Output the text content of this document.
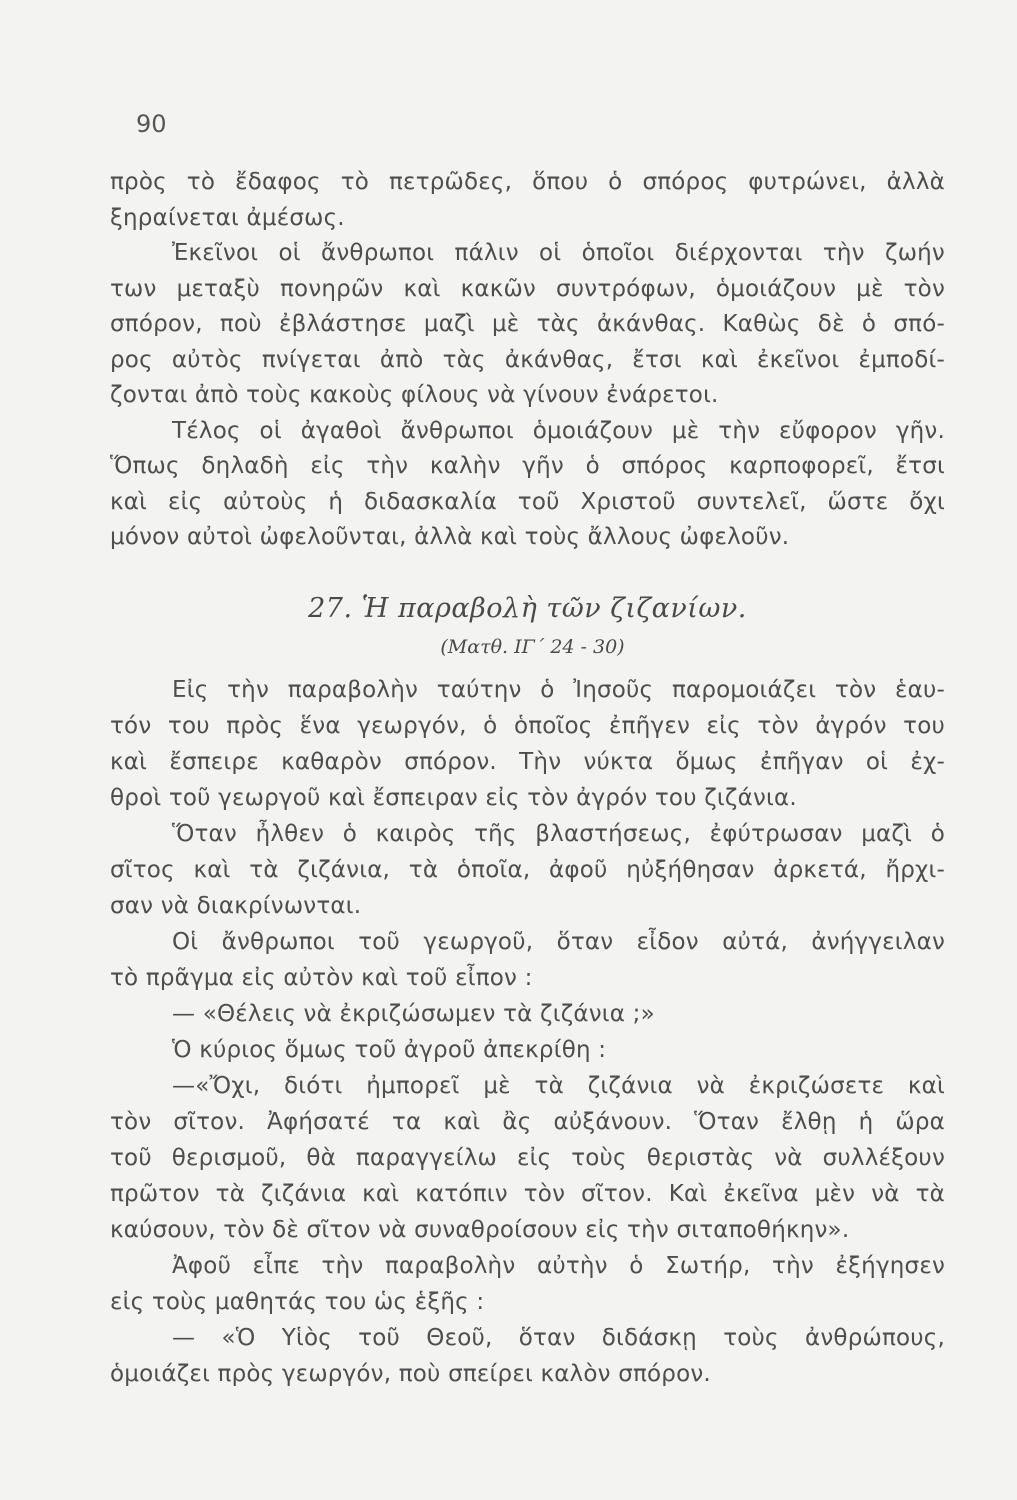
90
πρὸς τὸ ἔδαφος τὸ πετρῶδες, ὅπου ὁ σπόρος φυτρώνει, ἀλλὰ
ξηραίνεται ἀμέσως.
Ἐκεῖνοι οἱ ἄνθρωποι πάλιν οἱ ὁποῖοι διέρχονται τὴν ζωήν
των μεταξὺ πονηρῶν καὶ κακῶν συντρόφων, ὁμοιάζουν μὲ τὸν
σπόρον, ποὺ ἐβλάστησε μαζὶ μὲ τὰς ἀκάνθας. Καθὼς δὲ ὁ σπό-
ρος αὐτὸς πνίγεται ἀπὸ τὰς ἀκάνθας, ἔτσι καὶ ἐκεῖνοι ἐμποδί-
ζονται ἀπὸ τοὺς κακοὺς φίλους νὰ γίνουν ἐνάρετοι.
Τέλος οἱ ἀγαθοὶ ἄνθρωποι ὁμοιάζουν μὲ τὴν εὔφορον γῆν.
Ὅπως δηλαδὴ εἰς τὴν καλὴν γῆν ὁ σπόρος καρποφορεῖ, ἔτσι
καὶ εἰς αὐτοὺς ἡ διδασκαλία τοῦ Χριστοῦ συντελεῖ, ὥστε ὄχι
μόνον αὐτοὶ ὠφελοῦνται, ἀλλὰ καὶ τοὺς ἄλλους ὠφελοῦν.
27. Ἡ παραβολὴ τῶν ζιζανίων.
(Ματθ. ΙΓ΄ 24 - 30)
Εἰς τὴν παραβολὴν ταύτην ὁ Ἰησοῦς παρομοιάζει τὸν ἑαυ-
τόν του πρὸς ἕνα γεωργόν, ὁ ὁποῖος ἐπῆγεν εἰς τὸν ἀγρόν του
καὶ ἔσπειρε καθαρὸν σπόρον. Τὴν νύκτα ὅμως ἐπῆγαν οἱ ἐχ-
θροὶ τοῦ γεωργοῦ καὶ ἔσπειραν εἰς τὸν ἀγρόν του ζιζάνια.
Ὅταν ἦλθεν ὁ καιρὸς τῆς βλαστήσεως, ἐφύτρωσαν μαζὶ ὁ
σῖτος καὶ τὰ ζιζάνια, τὰ ὁποῖα, ἀφοῦ ηὐξήθησαν ἀρκετά, ἤρχι-
σαν νὰ διακρίνωνται.
Οἱ ἄνθρωποι τοῦ γεωργοῦ, ὅταν εἶδον αὐτά, ἀνήγγειλαν
τὸ πρᾶγμα εἰς αὐτὸν καὶ τοῦ εἶπον :
— «Θέλεις νὰ ἐκριζώσωμεν τὰ ζιζάνια ;»
Ὁ κύριος ὅμως τοῦ ἀγροῦ ἀπεκρίθη :
—«Ὄχι, διότι ἠμπορεῖ μὲ τὰ ζιζάνια νὰ ἐκριζώσετε καὶ
τὸν σῖτον. Ἀφήσατέ τα καὶ ἂς αὐξάνουν. Ὅταν ἔλθῃ ἡ ὥρα
τοῦ θερισμοῦ, θὰ παραγγείλω εἰς τοὺς θεριστὰς νὰ συλλέξουν
πρῶτον τὰ ζιζάνια καὶ κατόπιν τὸν σῖτον. Καὶ ἐκεῖνα μὲν νὰ τὰ
καύσουν, τὸν δὲ σῖτον νὰ συναθροίσουν εἰς τὴν σιταποθήκην».
Ἀφοῦ εἶπε τὴν παραβολὴν αὐτὴν ὁ Σωτήρ, τὴν ἐξήγησεν
εἰς τοὺς μαθητάς του ὡς ἑξῆς :
— «Ὁ Υἱὸς τοῦ Θεοῦ, ὅταν διδάσκῃ τοὺς ἀνθρώπους,
ὁμοιάζει πρὸς γεωργόν, ποὺ σπείρει καλὸν σπόρον.
